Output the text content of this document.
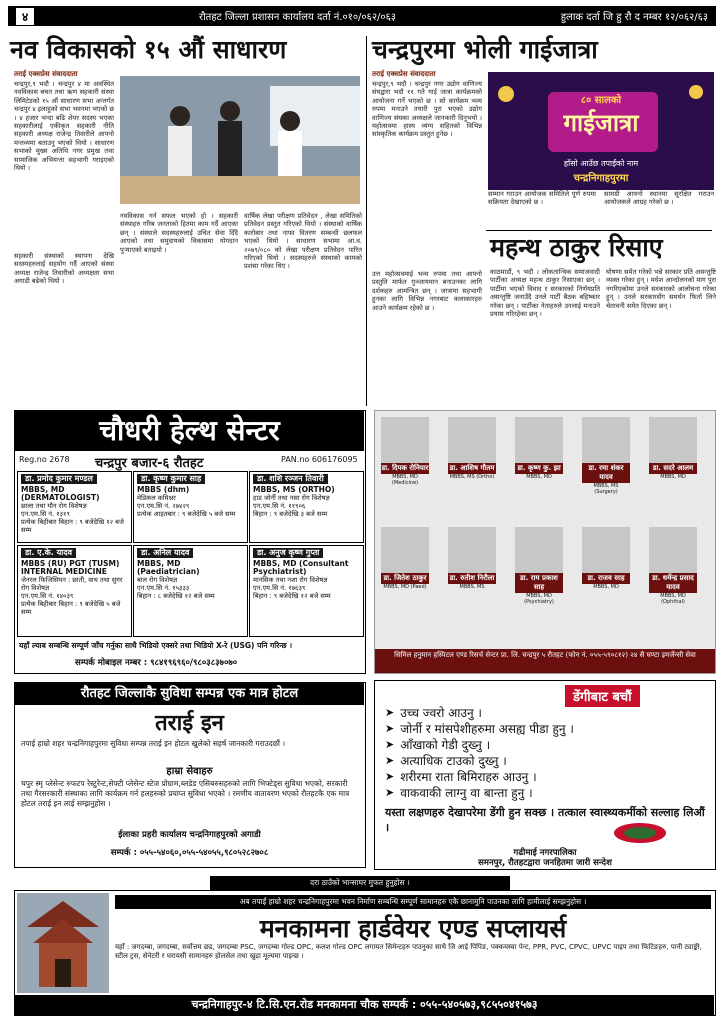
४	रौतहट जिल्ला प्रशासन कार्यालय दर्ता नं.०१०/०६२/०६३	हुलाक दर्ता जि हु रौ द नम्बर १२/०६२/६३
नव विकासको १५ औं साधारण
तराई एक्सप्रेस संवाददाता
चन्द्रपुर,९ भदौ । चन्द्रपुर ४ मा अवस्थित नवविकास बचत तथा ऋण सहकारी संस्था लिमिटेडको १५ औं साधारण सभा अन्तर्गत चन्द्रपुर ४ इलाहुको सभा भवनमा भएको छ । ४ हजार भन्दा बढि शेयर सदस्य भएका सहकारीलाई एकीकृत सहकारी नीति सहकारी अध्यक्ष राजेन्द्र तिवारीले आफ्नो मन्तव्यमा बताउनु भएको थियो । साधारण सभाको मुख्य अतिथि नगर प्रमुख तथा सामाजिक अभियन्ता सहभागी गराइएको थियो ।
सहकारी संस्थाको स्थापना देखि सदस्यहरुलाई सहयोग गर्दै आएको संस्था अध्यक्ष राजेन्द्र तिवारीको अध्यक्षता सभा अगाडी बढेको थियो ।
नवविकास गर्न सफल भएको हो । सहकारी संस्थाहरु गरिब जनताको हितमा काम गर्दै आएका छन् । संस्थाले सदस्यहरुलाई उचित सेवा दिँदै आएको तथा समुदायको विकासमा योगदान पुर्‍याएको बताइयो ।
वार्षिक लेखा परीक्षण प्रतिवेदन , लेखा समितिको प्रतिवेदन प्रस्तुत गरिएको थियो । संस्थाको वार्षिक कारोबार तथा नाफा वितरण सम्बन्धी छलफल भएको थियो । साधारण सभामा आ.व. २०७९/०८० को लेखा परीक्षण प्रतिवेदन पारित गरिएको थियो । सदस्यहरुले संस्थाको कामको प्रशंसा गरेका थिए ।
चन्द्रपुरमा भोली गाईजात्रा
तराई एक्सप्रेस संवाददाता
चन्द्रपुर,९ भदौ । चन्द्रपुर नगर उद्योग वाणिज्य संघद्वारा भदौ ११ गते गाई जात्रा कार्यक्रमको आयोजना गर्ने भएको छ । सो कार्यक्रम भव्य रुपमा मनाउने तयारी पुरा भएको उद्योग वाणिज्य संघका अध्यक्षले जानकारी दिनुभयो । महोत्सवमा हास्य व्यंग्य सहितको विभिन्न सांस्कृतिक कार्यक्रम प्रस्तुत हुनेछ ।
८० सालको
गाईजात्रा
हाँसो आउँछ तपाईंको नाम
चन्द्रनिगाहपुरमा
सम्मान गराउन आयोजक समितिले पूर्ण रुपमा सक्रियता देखाएको छ ।
सामग्री आफ्नो स्थानमा सुरक्षित गराउन आयोजकले आग्रह गरेको छ ।
महन्थ ठाकुर रिसाए
उत्त महोत्सवमाई भव्य रुपमा तथा आफ्नो प्रस्तुति मार्फत गुञ्जायमान बनाउनका लागि दर्शकहरु आमन्त्रित छन् । जात्रामा सहभागी हुनका लागि विभिन्न नगरबाट कलाकारहरु आउने कार्यक्रम रहेको छ ।
काठमाडौं, ९ भदौ । लोकतान्त्रिक समाजवादी पार्टीका अध्यक्ष महन्थ ठाकुर रिसाएका छन् । पार्टीमा भएको विवाद र सरकारको निर्णयप्रति असन्तुष्टि जनाउँदै उनले पार्टी बैठक बहिष्कार गरेका छन् । पार्टीका नेताहरुले उनलाई मनाउने प्रयास गरिरहेका छन् ।
घोषणा समेत गरेको भन्ने सरकार प्रति असन्तुष्टि व्यक्त गरेका हुन् । मधेश आन्दोलनको माग पुरा नगरिएकोमा उनले सरकारको आलोचना गरेका हुन् । उनले सरकारसँग समर्थन फिर्ता लिने चेतावनी समेत दिएका छन् ।
चौधरी हेल्थ सेन्टर
Reg.no 2678 चन्द्रपुर बजार-६ रौतहट	PAN.no 606176095
डा. प्रमोद कुमार मण्डल
MBBS, MD (DERMATOLOGIST)
छाला तथा यौन रोग विशेषज्ञ
एन.एम.सि नं. १३१९
प्रत्येक बिहीबार बिहान : ९ बजेदेखि १२ बजे सम्म
डा. कृष्ण कुमार साह
MBBS (dhm)
मेडिकल कमिश्नर
एन.एम.सि नं. २७४२९
प्रत्येक आइतबार : ९ बजेदेखि ५ बजे सम्म
डा. शशि रञ्जन तिवारी
MBBS, MS (ORTHO)
हाड जोर्नी तथा नसा रोग विशेषज्ञ
एन.एम.सि नं. ११९०६
बिहान : ९ बजेदेखि ३ बजे सम्म
डा. ए.के. यादव
MBBS (RU) PGT (TUSM) INTERNAL MEDICINE
जेनरल फिजिसियन : छाती, वाथ तथा सुगर रोग विशेषज्ञ
एन.एम.सि नं. १४०३९
प्रत्येक बिहीबार बिहान : ९ बजेदेखि ५ बजे सम्म
डा. अनिल यादव
MBBS, MD (Paediatrician)
बाल रोग विशेषज्ञ
एन.एम.सि नं. १५३३३
बिहान : ८ बजेदेखि १२ बजे सम्म
डा. अनुज कृष्ण गुप्ता
MBBS, MD (Consultant Psychiatrist)
मानसिक तथा नशा रोग विशेषज्ञ
एन.एम.सि नं. १७६३९
बिहान : ९ बजेदेखि १२ बजे सम्म
यहाँ ल्याब सम्बन्धि सम्पूर्ण जाँच गर्नुका साथै भिडियो एक्सरे तथा भिडियो X-रे (USG) पनि गरिन्छ ।
सम्पर्क मोबाइल नम्बर : ९८४१९६९६०/९८०३८३७०७०
डा. दिपक रोनियार
MBBS, MD (Medicine)
डा. आशिष गौतम
MBBS, MS (Ortho)
डा. कृष्ण कु. झा
MBBS, MD
डा. रमा शंकर यादव
MBBS, MS (Surgery)
डा. सदरे आलम
MBBS, MD
डा. जितेश ठाकुर
MBBS, MD (Paed)
डा. रुतीश निरौला
MBBS, MS
डा. राम प्रकाश साह
MBBS, MD (Psychiatry)
डा. राजव साह
MBBS, MD
डा. धर्मेन्द्र प्रसाद यादव
MBBS, MD (Ophthal)
सिमिल हनुमान हस्पिटल एण्ड रिसर्च सेन्टर प्रा. लि. चन्द्रपुर ५ रौतहट (फोन नं. ०५५-५९०८१२) २४ सै घण्टा इमर्जेन्सी सेवा
डेंगीबाट बचौं
➤ उच्च ज्वरो आउनु ।
➤ जोर्नी र मांसपेशीहरुमा असह्य पीडा हुनु ।
➤ आँखाको गेडी दुख्नु ।
➤ अत्याधिक टाउको दुख्नु ।
➤ शरीरमा राता बिमिराहरु आउनु ।
➤ वाकवाकी लाग्नु वा बान्ता हुनु ।
यस्ता लक्षणहरु देखापरेमा डेंगी हुन सक्छ । तत्काल स्वास्थ्यकर्मीको सल्लाह लिऔं ।
गढीमाई नगरपालिका
समनपुर, रौतहटद्वारा जनहितमा जारी सन्देश
रौतहट जिल्लाकै सुविधा सम्पन्न एक मात्र होटल
तराई इन
तपाई हाम्रो शहर चन्द्रनिगाहपुरमा सुविधा सम्पन्न तराई इन होटल खुलेको सहर्ष जानकारी गराउदछौं ।
हाम्रा सेवाहरु
चपुर स्मृ प्लेसेन्ट रुफटप रेस्टुरेन्ट,सेफ्टी प्लेसेन्ट स्टेज प्रोग्राम,ब्लडेड एसिबरुसहरुको लागि भिफ्टेड्स सुविधा भएको, सरकारी तथा गैरसरकारी संस्थाका लागि कार्यक्रम गर्न हलहरुको प्रयाप्त सुविधा भएको । रमणीय वातावरण भएको रौतहटकै एक मात्र होटल तराई इन लाई सम्झनुहोस ।
ईलाका प्रहरी कार्यालय चन्द्रनिगाहपुरको अगाडी
सम्पर्क : ०५५-५४०६०,०५५-५४०५५,९८०५२८२७०८
दरा ठाउँको भान्साघर मुफत हुनुहोस ।
अब तपाईं हाम्रो शहर चन्द्रनिगाहपुरमा भवन निर्माण सम्बन्धि सम्पूर्ण सामानहरु एकै छानामुनि पाउनका लागि हामीलाई सम्झनुहोस ।
मनकामना हार्डवेयर एण्ड सप्लायर्स
यहाँ : जगदम्बा, जगदम्बा, सर्वोत्तम छड, जगदम्बा PSC, जगदम्बा गोल्ड OPC, कलश गोल्ड OPC लगायत सिमेन्टहरु पाउनुका साथै जि आई पिपिङ, पक्कयस्वा पेन्ट, PPR, PVC, CPVC, UPVC पाइप तथा फिटिङहरु, पानी ट्याङ्की, स्टील ट्रस, सेनेटरी र घरायसी सामानहरु होलसेल तथा खुद्रा मूल्यमा पाइन्छ ।
चन्द्रनिगाहपुर-४ टि.सि.एन.रोड मनकामना चौक सम्पर्क : ०५५-५४०५७३,९८५५०४१५७३
